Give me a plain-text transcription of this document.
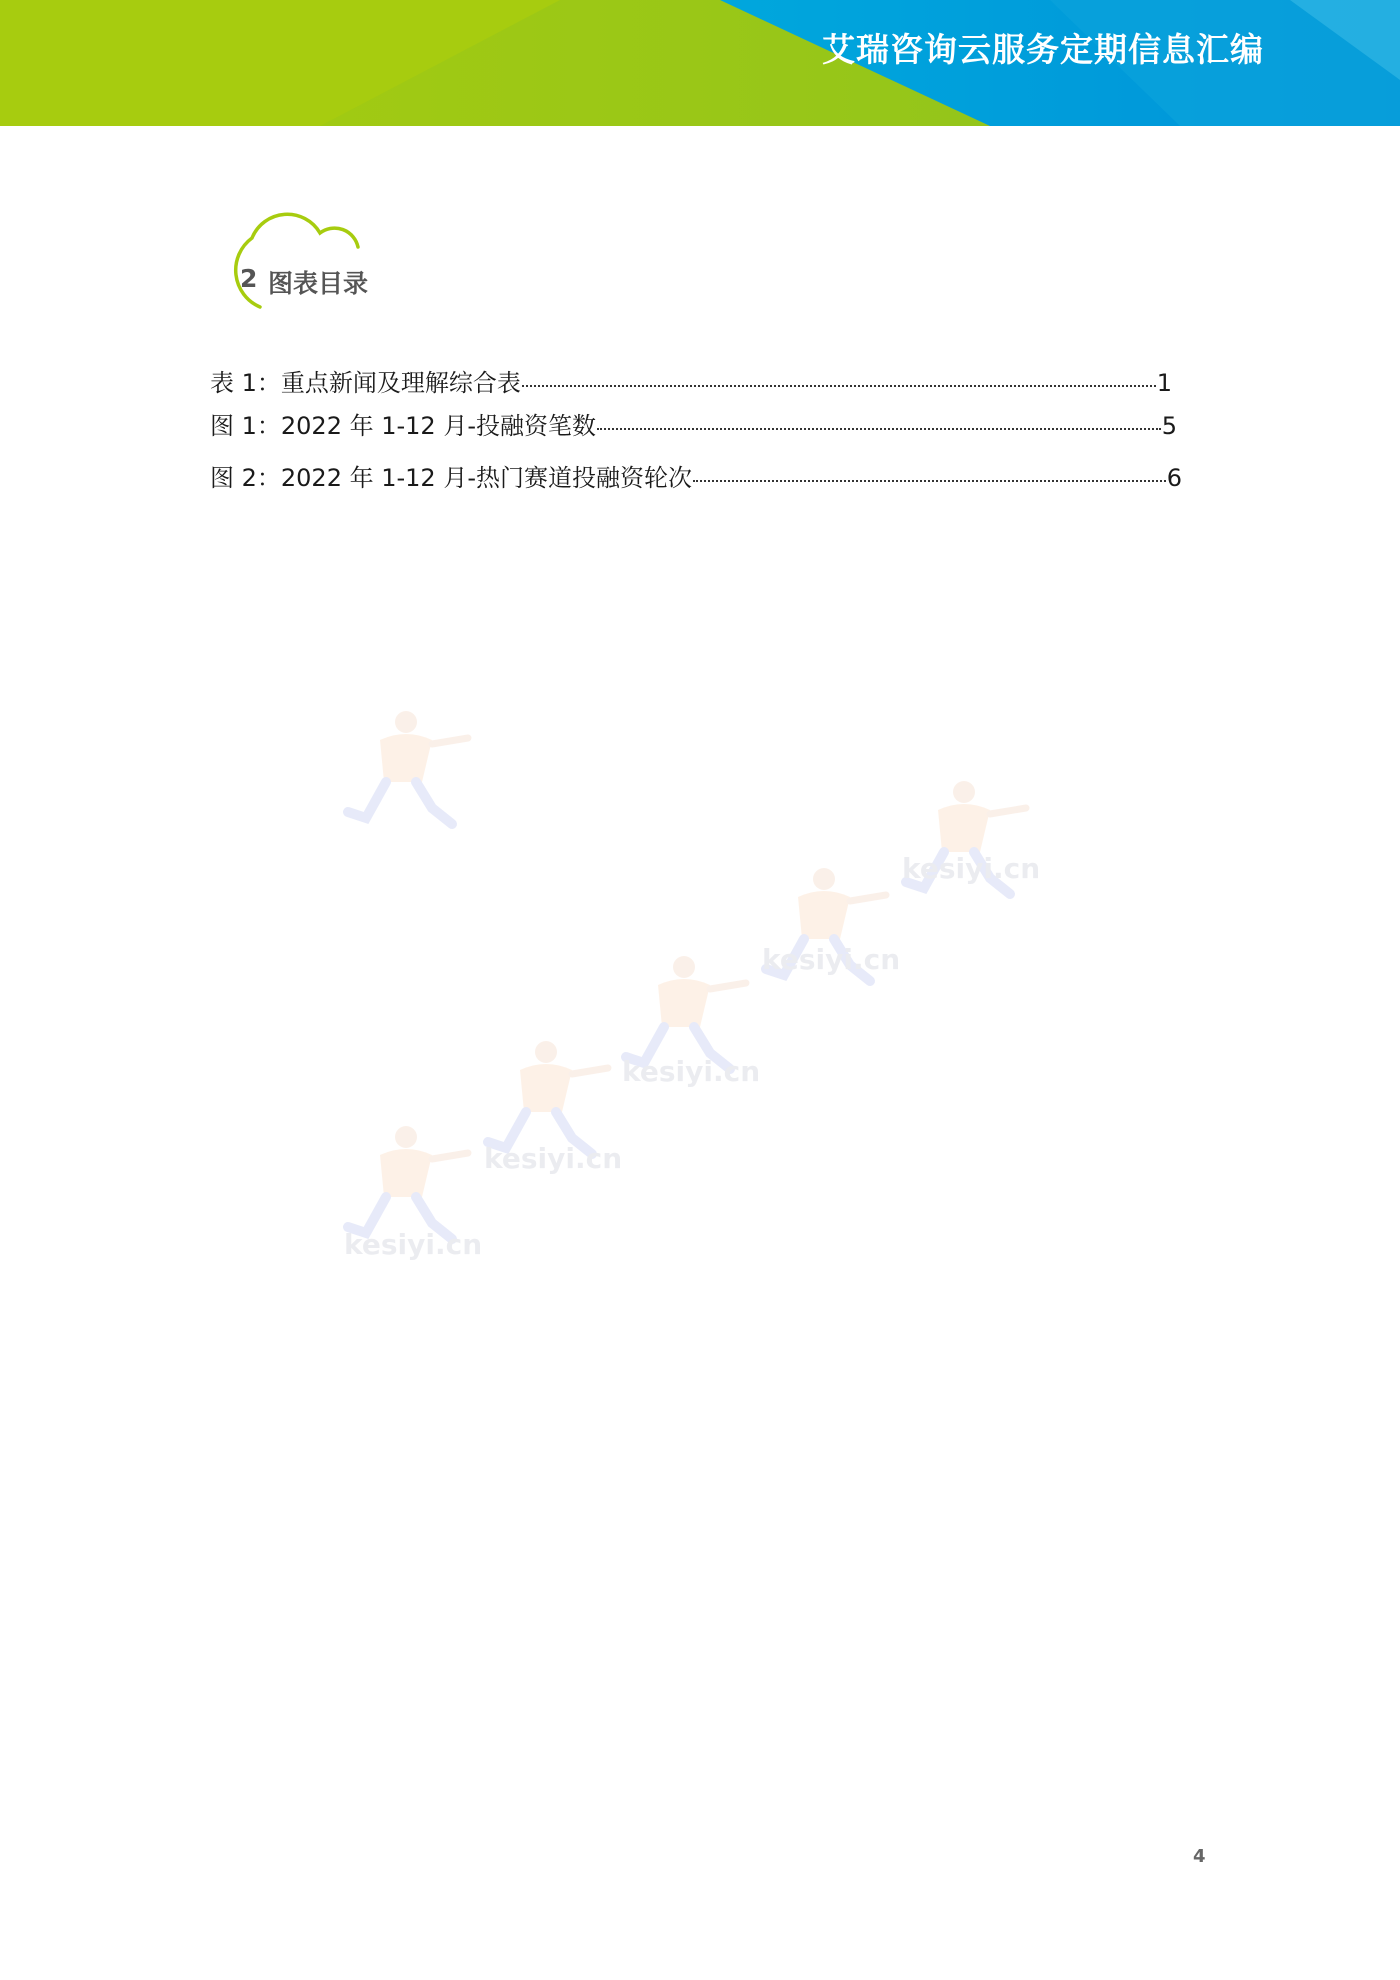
艾瑞咨询云服务定期信息汇编
2 图表目录
表 1：重点新闻及理解综合表	1
图 1：2022 年 1-12 月-投融资笔数	5
图 2：2022 年 1-12 月-热门赛道投融资轮次	6
kesiyi.cn
kesiyi.cn
kesiyi.cn
kesiyi.cn
kesiyi.cn
4
